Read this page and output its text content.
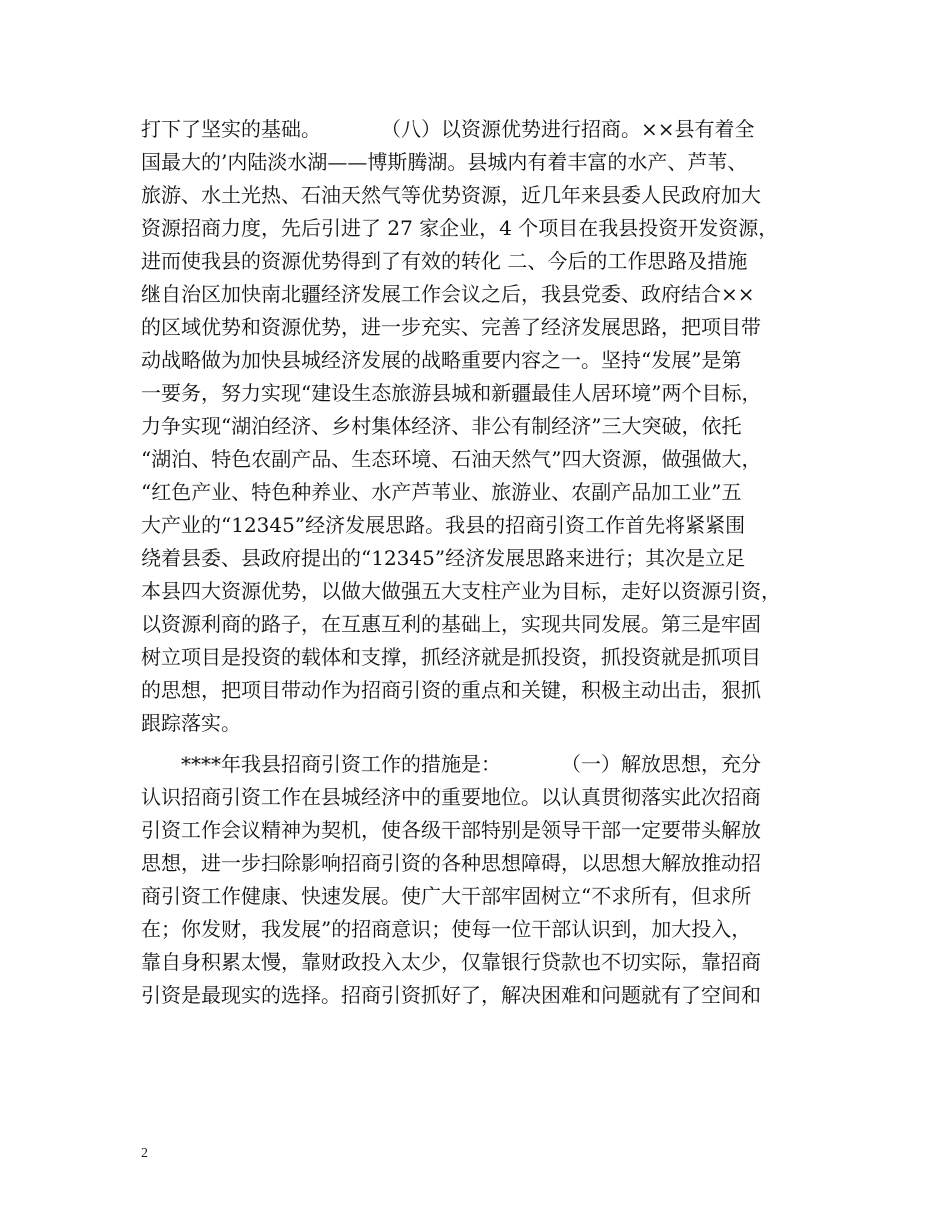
打下了坚实的基础。　　　　（八）以资源优势进行招商。××县有着全
国最大的’内陆淡水湖——博斯腾湖。县城内有着丰富的水产、芦苇、
旅游、水土光热、石油天然气等优势资源，近几年来县委人民政府加大
资源招商力度，先后引进了 27 家企业，4 个项目在我县投资开发资源，
进而使我县的资源优势得到了有效的转化 二、今后的工作思路及措施
继自治区加快南北疆经济发展工作会议之后，我县党委、政府结合××
的区域优势和资源优势，进一步充实、完善了经济发展思路，把项目带
动战略做为加快县城经济发展的战略重要内容之一。坚持“发展”是第
一要务，努力实现“建设生态旅游县城和新疆最佳人居环境”两个目标，
力争实现“湖泊经济、乡村集体经济、非公有制经济”三大突破，依托
“湖泊、特色农副产品、生态环境、石油天然气”四大资源，做强做大，
“红色产业、特色种养业、水产芦苇业、旅游业、农副产品加工业”五
大产业的“12345”经济发展思路。我县的招商引资工作首先将紧紧围
绕着县委、县政府提出的“12345”经济发展思路来进行；其次是立足
本县四大资源优势，以做大做强五大支柱产业为目标，走好以资源引资，
以资源利商的路子，在互惠互利的基础上，实现共同发展。第三是牢固
树立项目是投资的载体和支撑，抓经济就是抓投资，抓投资就是抓项目
的思想，把项目带动作为招商引资的重点和关键，积极主动出击，狠抓
跟踪落实。
　　****年我县招商引资工作的措施是：　　　　（一）解放思想，充分
认识招商引资工作在县城经济中的重要地位。以认真贯彻落实此次招商
引资工作会议精神为契机，使各级干部特别是领导干部一定要带头解放
思想，进一步扫除影响招商引资的各种思想障碍，以思想大解放推动招
商引资工作健康、快速发展。使广大干部牢固树立“不求所有，但求所
在；你发财，我发展”的招商意识；使每一位干部认识到，加大投入，
靠自身积累太慢，靠财政投入太少，仅靠银行贷款也不切实际，靠招商
引资是最现实的选择。招商引资抓好了，解决困难和问题就有了空间和
2
